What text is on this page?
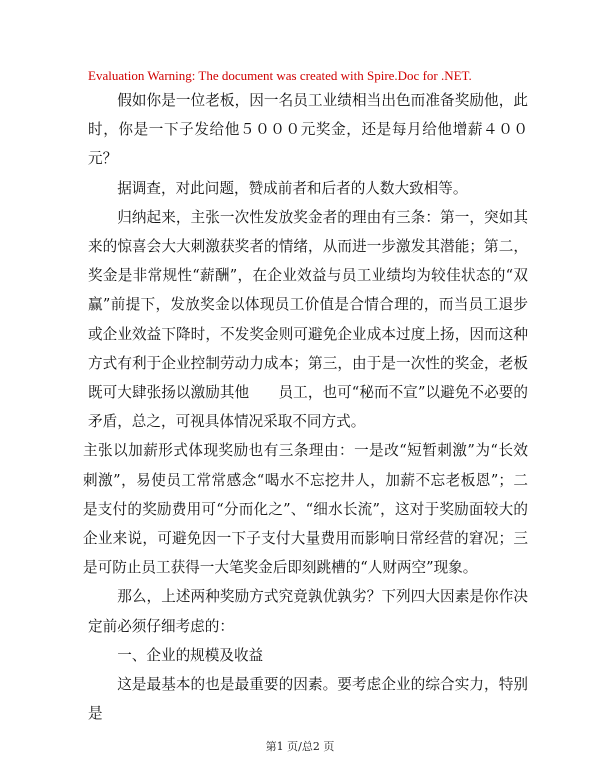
Evaluation Warning: The document was created with Spire.Doc for .NET.

假如你是一位老板，因一名员工业绩相当出色而准备奖励他，此时，你是一下子发给他５０００元奖金，还是每月给他增薪４００元？

据调查，对此问题，赞成前者和后者的人数大致相等。

归纳起来，主张一次性发放奖金者的理由有三条：第一，突如其来的惊喜会大大刺激获奖者的情绪，从而进一步激发其潜能；第二，奖金是非常规性“薪酬”，在企业效益与员工业绩均为较佳状态的“双赢”前提下，发放奖金以体现员工价值是合情合理的，而当员工退步或企业效益下降时，不发奖金则可避免企业成本过度上扬，因而这种方式有利于企业控制劳动力成本；第三，由于是一次性的奖金，老板既可大肆张扬以激励其他　　员工，也可“秘而不宣”以避免不必要的矛盾，总之，可视具体情况采取不同方式。

主张以加薪形式体现奖励也有三条理由：一是改“短暂刺激”为“长效刺激”，易使员工常常感念“喝水不忘挖井人，加薪不忘老板恩”；二是支付的奖励费用可“分而化之”、“细水长流”，这对于奖励面较大的企业来说，可避免因一下子支付大量费用而影响日常经营的窘况；三是可防止员工获得一大笔奖金后即刻跳槽的“人财两空”现象。

那么，上述两种奖励方式究竟孰优孰劣？下列四大因素是你作决定前必须仔细考虑的：

一、企业的规模及收益

这是最基本的也是最重要的因素。要考虑企业的综合实力，特别是

第1 页/总2 页
